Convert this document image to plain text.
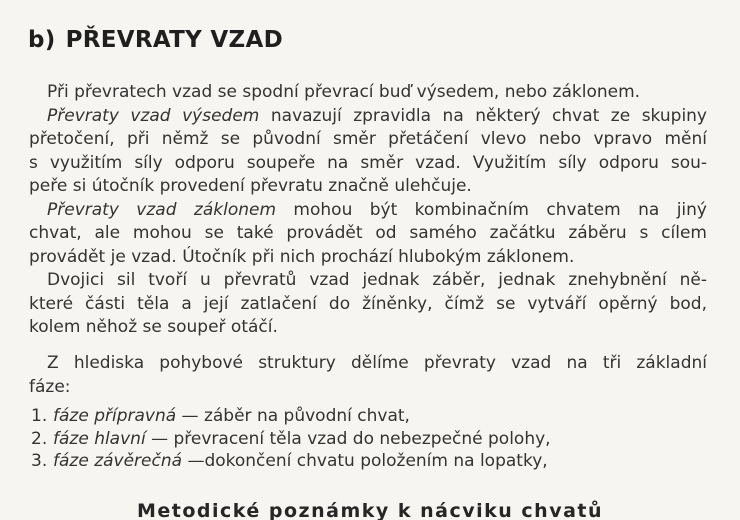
b) PŘEVRATY VZAD
Při převratech vzad se spodní převrací buď výsedem, nebo záklonem.
Převraty vzad výsedem navazují zpravidla na některý chvat ze skupiny
přetočení, při němž se původní směr přetáčení vlevo nebo vpravo mění
s využitím síly odporu soupeře na směr vzad. Využitím síly odporu sou-
peře si útočník provedení převratu značně ulehčuje.
Převraty vzad záklonem mohou být kombinačním chvatem na jiný
chvat, ale mohou se také provádět od samého začátku záběru s cílem
provádět je vzad. Útočník při nich prochází hlubokým záklonem.
Dvojici sil tvoří u převratů vzad jednak záběr, jednak znehybnění ně-
které části těla a její zatlačení do žíněnky, čímž se vytváří opěrný bod,
kolem něhož se soupeř otáčí.
Z hlediska pohybové struktury dělíme převraty vzad na tři základní
fáze:
1. fáze přípravná — záběr na původní chvat,
2. fáze hlavní — převracení těla vzad do nebezpečné polohy,
3. fáze závěrečná —dokončení chvatu položením na lopatky,
Metodické poznámky k nácviku chvatů
